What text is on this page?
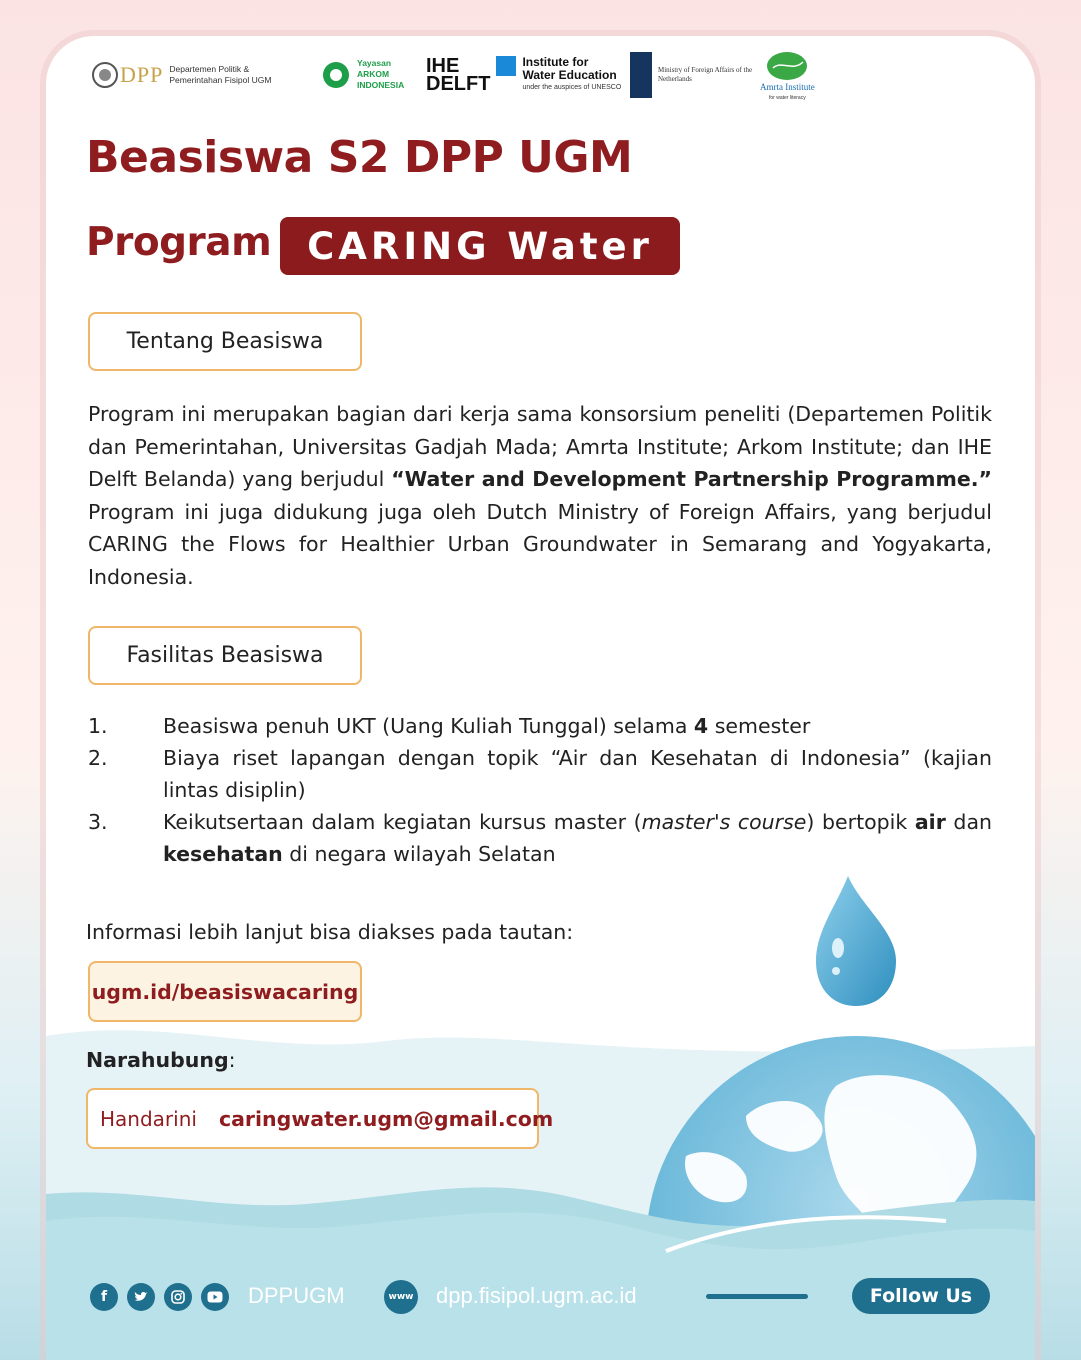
DPP Departemen Politik &
Pemerintahan Fisipol UGM
Yayasan
ARKOM
INDONESIA
IHE
DELFT
Institute for
Water Education
under the auspices of UNESCO
Ministry of Foreign Affairs of the
Netherlands
Amrta Institute
for water literacy
Beasiswa S2 DPP UGM
Program CARING Water
Tentang Beasiswa
Program ini merupakan bagian dari kerja sama konsorsium peneliti (Departemen Politik dan Pemerintahan, Universitas Gadjah Mada; Amrta Institute; Arkom Institute; dan IHE Delft Belanda) yang berjudul “Water and Development Partnership Programme.” Program ini juga didukung juga oleh Dutch Ministry of Foreign Affairs, yang berjudul CARING the Flows for Healthier Urban Groundwater in Semarang and Yogyakarta, Indonesia.
Fasilitas Beasiswa
1.	Beasiswa penuh UKT (Uang Kuliah Tunggal) selama 4 semester
2.	Biaya riset lapangan dengan topik “Air dan Kesehatan di Indonesia” (kajian lintas disiplin)
3.	Keikutsertaan dalam kegiatan kursus master (master's course) bertopik air dan kesehatan di negara wilayah Selatan
Informasi lebih lanjut bisa diakses pada tautan:
ugm.id/beasiswacaring
Narahubung:
Handarini caringwater.ugm@gmail.com
f	DPPUGM	www dpp.fisipol.ugm.ac.id	Follow Us
